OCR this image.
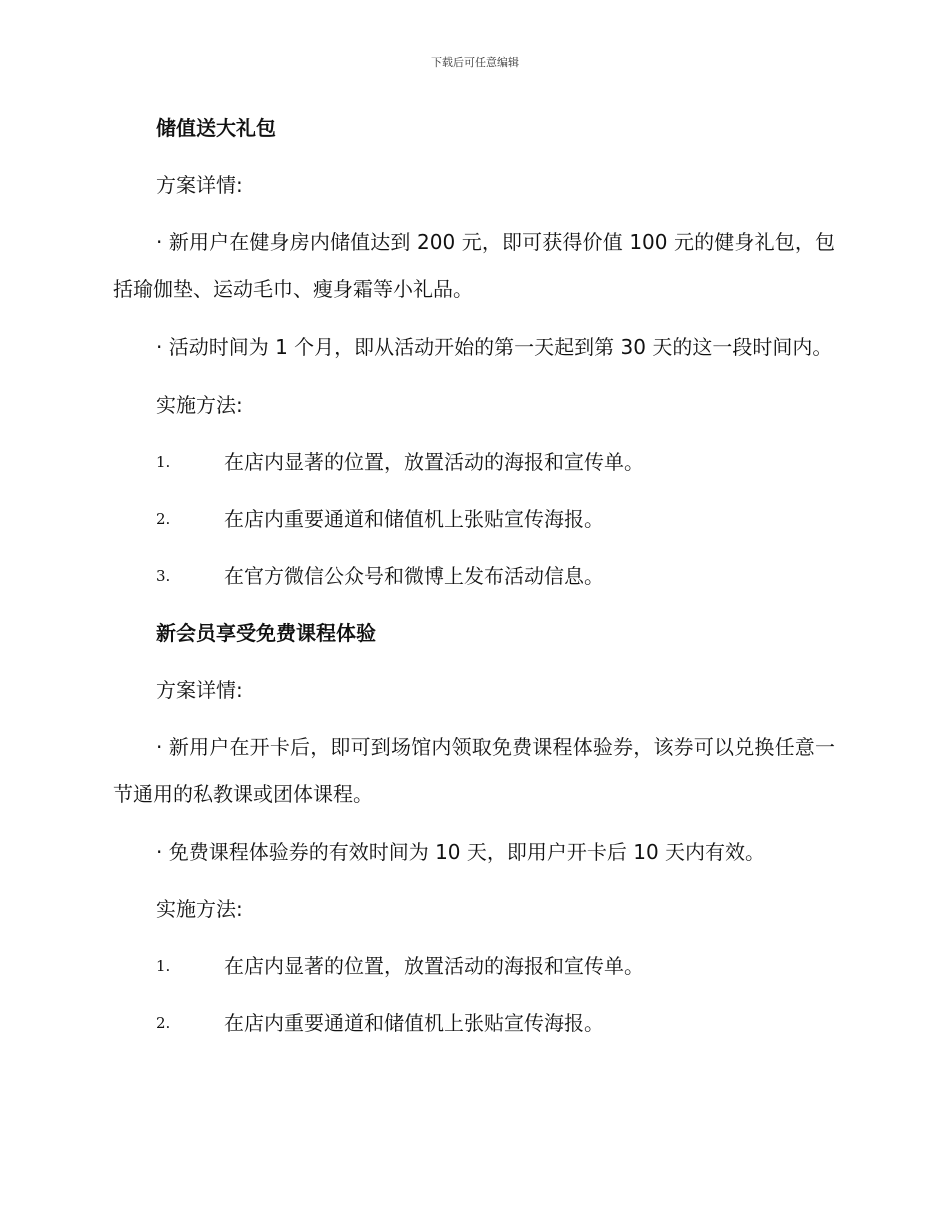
下载后可任意编辑
储值送大礼包
方案详情:
· 新用户在健身房内储值达到 200 元，即可获得价值 100 元的健身礼包，包括瑜伽垫、运动毛巾、瘦身霜等小礼品。
· 活动时间为 1 个月，即从活动开始的第一天起到第 30 天的这一段时间内。
实施方法:
1.	在店内显著的位置，放置活动的海报和宣传单。
2.	在店内重要通道和储值机上张贴宣传海报。
3.	在官方微信公众号和微博上发布活动信息。
新会员享受免费课程体验
方案详情:
· 新用户在开卡后，即可到场馆内领取免费课程体验券，该券可以兑换任意一节通用的私教课或团体课程。
· 免费课程体验券的有效时间为 10 天，即用户开卡后 10 天内有效。
实施方法:
1.	在店内显著的位置，放置活动的海报和宣传单。
2.	在店内重要通道和储值机上张贴宣传海报。
